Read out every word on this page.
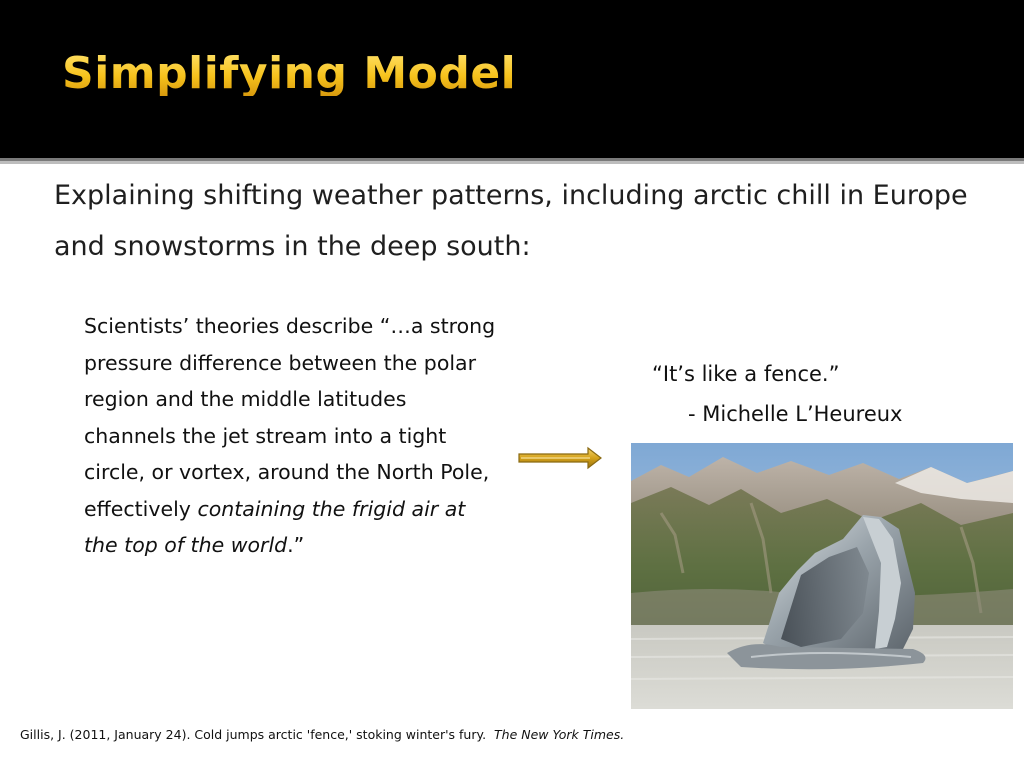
Simplifying Model

Explaining shifting weather patterns, including arctic chill in Europe and snowstorms in the deep south:

Scientists’ theories describe “…a strong pressure difference between the polar region and the middle latitudes channels the jet stream into a tight circle, or vortex, around the North Pole, effectively containing the frigid air at the top of the world.”

“It’s like a fence.”

- Michelle L’Heureux

Gillis, J. (2011, January 24). Cold jumps arctic 'fence,' stoking winter's fury. The New York Times.
